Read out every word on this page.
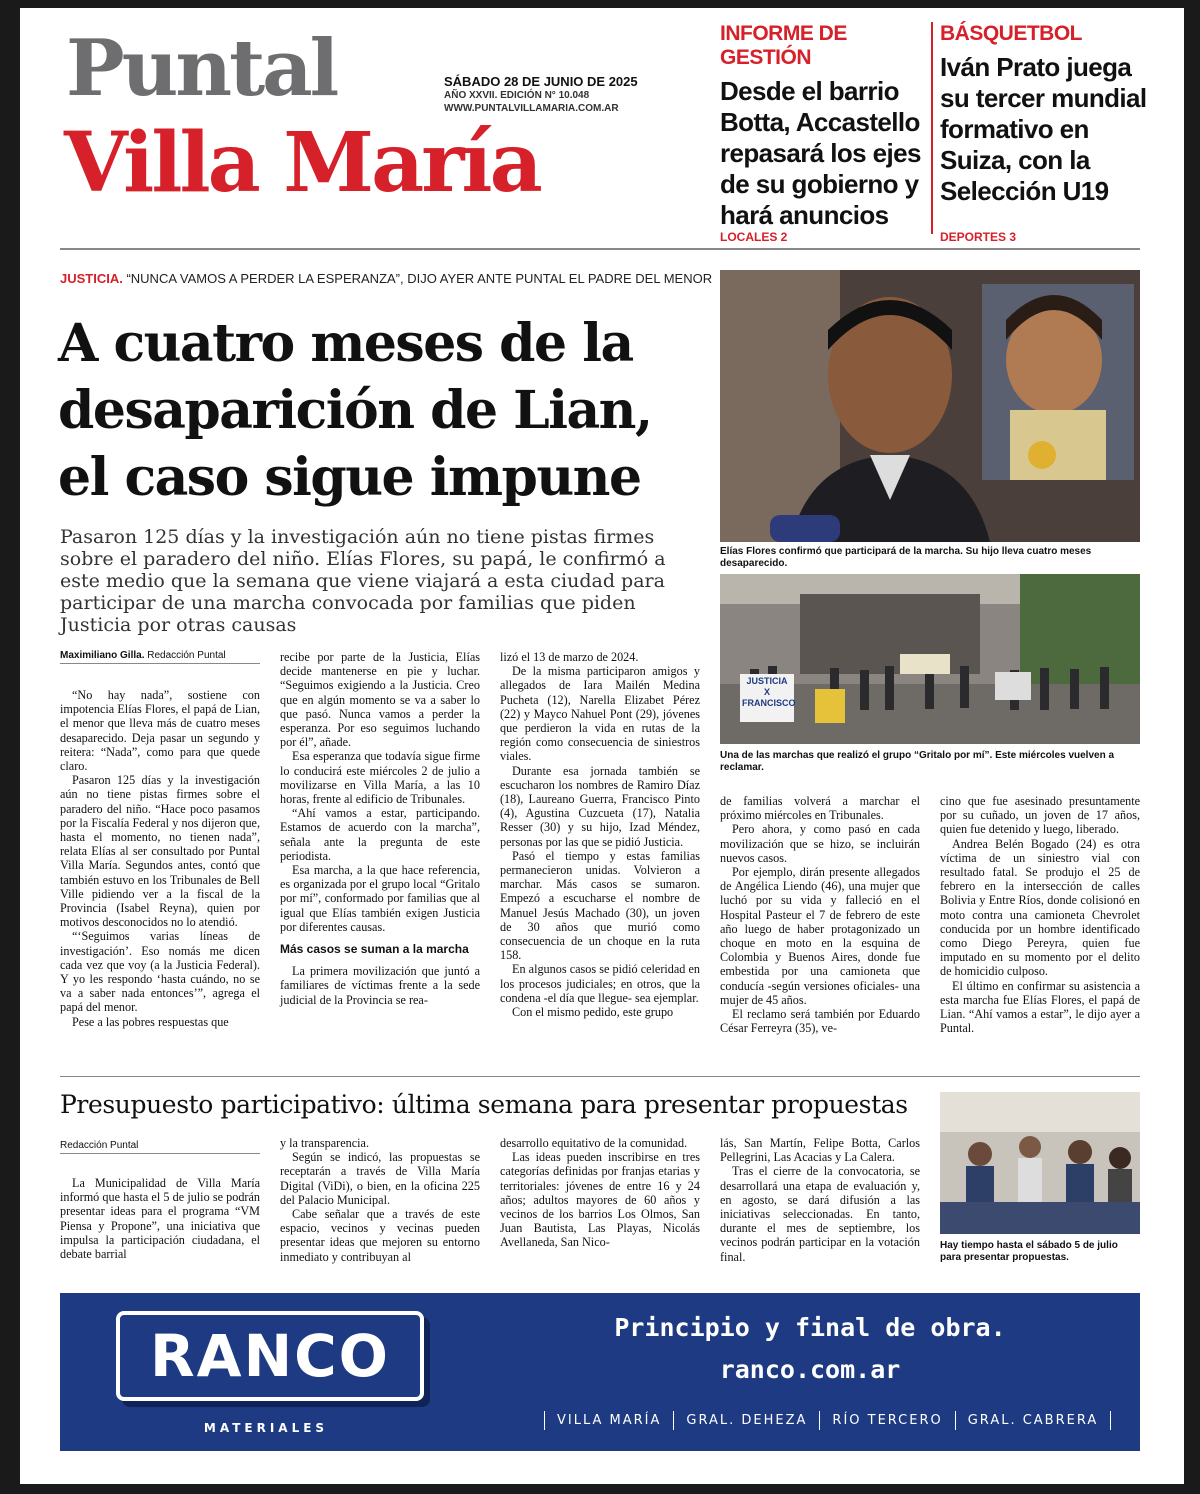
Puntal
Villa María
SÁBADO 28 DE JUNIO DE 2025
AÑO XXVII. EDICIÓN N° 10.048
WWW.PUNTALVILLAMARIA.COM.AR
INFORME DE GESTIÓN
Desde el barrio Botta, Accastello repasará los ejes de su gobierno y hará anuncios
LOCALES 2
BÁSQUETBOL
Iván Prato juega su tercer mundial formativo en Suiza, con la Selección U19
DEPORTES 3
JUSTICIA. “NUNCA VAMOS A PERDER LA ESPERANZA”, DIJO AYER ANTE PUNTAL EL PADRE DEL MENOR
A cuatro meses de la desaparición de Lian, el caso sigue impune
Pasaron 125 días y la investigación aún no tiene pistas firmes sobre el paradero del niño. Elías Flores, su papá, le confirmó a este medio que la semana que viene viajará a esta ciudad para participar de una marcha convocada por familias que piden Justicia por otras causas
Elías Flores confirmó que participará de la marcha. Su hijo lleva cuatro meses desaparecido.
JUSTICIA
X
FRANCISCO
Una de las marchas que realizó el grupo “Gritalo por mí”. Este miércoles vuelven a reclamar.
Maximiliano Gilla. Redacción Puntal

“No hay nada”, sostiene con impotencia Elías Flores, el papá de Lian, el menor que lleva más de cuatro meses desaparecido. Deja pasar un segundo y reitera: “Nada”, como para que quede claro.

Pasaron 125 días y la investigación aún no tiene pistas firmes sobre el paradero del niño. “Hace poco pasamos por la Fiscalía Federal y nos dijeron que, hasta el momento, no tienen nada”, relata Elías al ser consultado por Puntal Villa María. Segundos antes, contó que también estuvo en los Tribunales de Bell Ville pidiendo ver a la fiscal de la Provincia (Isabel Reyna), quien por motivos desconocidos no lo atendió.

“‘Seguimos varias líneas de investigación’. Eso nomás me dicen cada vez que voy (a la Justicia Federal). Y yo les respondo ‘hasta cuándo, no se va a saber nada entonces’”, agrega el papá del menor.

Pese a las pobres respuestas que

recibe por parte de la Justicia, Elías decide mantenerse en pie y luchar. “Seguimos exigiendo a la Justicia. Creo que en algún momento se va a saber lo que pasó. Nunca vamos a perder la esperanza. Por eso seguimos luchando por él”, añade.

Esa esperanza que todavía sigue firme lo conducirá este miércoles 2 de julio a movilizarse en Villa María, a las 10 horas, frente al edificio de Tribunales.

“Ahí vamos a estar, participando. Estamos de acuerdo con la marcha”, señala ante la pregunta de este periodista.

Esa marcha, a la que hace referencia, es organizada por el grupo local “Gritalo por mí”, conformado por familias que al igual que Elías también exigen Justicia por diferentes causas.

Más casos se suman a la marcha

La primera movilización que juntó a familiares de víctimas frente a la sede judicial de la Provincia se rea-

lizó el 13 de marzo de 2024.

De la misma participaron amigos y allegados de Iara Mailén Medina Pucheta (12), Narella Elizabet Pérez (22) y Mayco Nahuel Pont (29), jóvenes que perdieron la vida en rutas de la región como consecuencia de siniestros viales.

Durante esa jornada también se escucharon los nombres de Ramiro Díaz (18), Laureano Guerra, Francisco Pinto (4), Agustina Cuzcueta (17), Natalia Resser (30) y su hijo, Izad Méndez, personas por las que se pidió Justicia.

Pasó el tiempo y estas familias permanecieron unidas. Volvieron a marchar. Más casos se sumaron. Empezó a escucharse el nombre de Manuel Jesús Machado (30), un joven de 30 años que murió como consecuencia de un choque en la ruta 158.

En algunos casos se pidió celeridad en los procesos judiciales; en otros, que la condena -el día que llegue- sea ejemplar.

Con el mismo pedido, este grupo

de familias volverá a marchar el próximo miércoles en Tribunales.

Pero ahora, y como pasó en cada movilización que se hizo, se incluirán nuevos casos.

Por ejemplo, dirán presente allegados de Angélica Liendo (46), una mujer que luchó por su vida y falleció en el Hospital Pasteur el 7 de febrero de este año luego de haber protagonizado un choque en moto en la esquina de Colombia y Buenos Aires, donde fue embestida por una camioneta que conducía -según versiones oficiales- una mujer de 45 años.

El reclamo será también por Eduardo César Ferreyra (35), ve-

cino que fue asesinado presuntamente por su cuñado, un joven de 17 años, quien fue detenido y luego, liberado.

Andrea Belén Bogado (24) es otra víctima de un siniestro vial con resultado fatal. Se produjo el 25 de febrero en la intersección de calles Bolivia y Entre Ríos, donde colisionó en moto contra una camioneta Chevrolet conducida por un hombre identificado como Diego Pereyra, quien fue imputado en su momento por el delito de homicidio culposo.

El último en confirmar su asistencia a esta marcha fue Elías Flores, el papá de Lian. “Ahí vamos a estar”, le dijo ayer a Puntal.

Presupuesto participativo: última semana para presentar propuestas
Redacción Puntal

La Municipalidad de Villa María informó que hasta el 5 de julio se podrán presentar ideas para el programa “VM Piensa y Propone”, una iniciativa que impulsa la participación ciudadana, el debate barrial

y la transparencia.

Según se indicó, las propuestas se receptarán a través de Villa María Digital (ViDi), o bien, en la oficina 225 del Palacio Municipal.

Cabe señalar que a través de este espacio, vecinos y vecinas pueden presentar ideas que mejoren su entorno inmediato y contribuyan al

desarrollo equitativo de la comunidad.

Las ideas pueden inscribirse en tres categorías definidas por franjas etarias y territoriales: jóvenes de entre 16 y 24 años; adultos mayores de 60 años y vecinos de los barrios Los Olmos, San Juan Bautista, Las Playas, Nicolás Avellaneda, San Nico-

lás, San Martín, Felipe Botta, Carlos Pellegrini, Las Acacias y La Calera.

Tras el cierre de la convocatoria, se desarrollará una etapa de evaluación y, en agosto, se dará difusión a las iniciativas seleccionadas. En tanto, durante el mes de septiembre, los vecinos podrán participar en la votación final.

Hay tiempo hasta el sábado 5 de julio para presentar propuestas.
RANCO
MATERIALES
Principio y final de obra.
ranco.com.ar
VILLA MARÍA	GRAL. DEHEZA	RÍO TERCERO	GRAL. CABRERA
